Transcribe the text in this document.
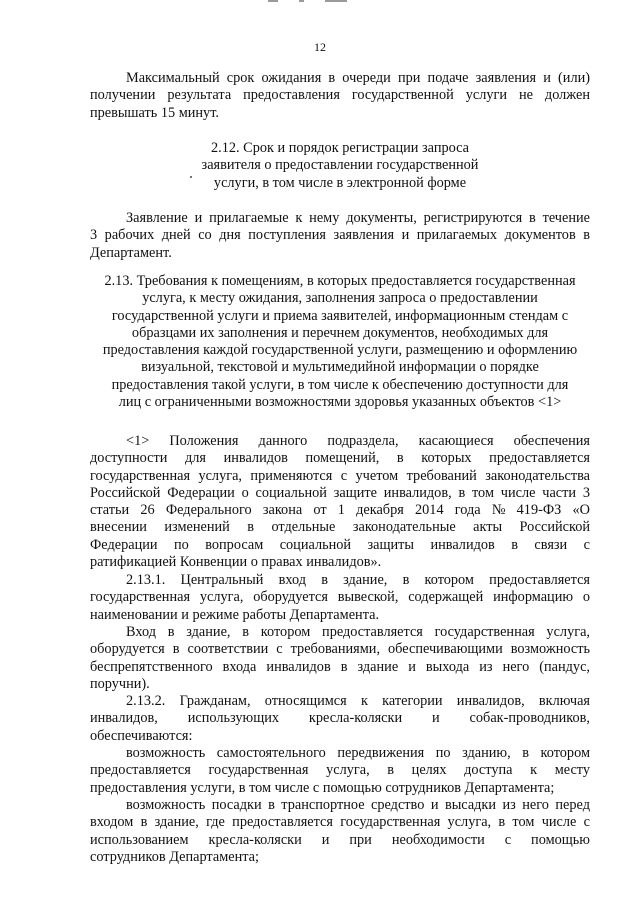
12
Максимальный срок ожидания в очереди при подаче заявления и (или)
получении результата предоставления государственной услуги не должен
превышать 15 минут.
2.12. Срок и порядок регистрации запроса
заявителя о предоставлении государственной
услуги, в том числе в электронной форме
Заявление и прилагаемые к нему документы, регистрируются в течение
3 рабочих дней со дня поступления заявления и прилагаемых документов в
Департамент.
2.13. Требования к помещениям, в которых предоставляется государственная
услуга, к месту ожидания, заполнения запроса о предоставлении
государственной услуги и приема заявителей, информационным стендам с
образцами их заполнения и перечнем документов, необходимых для
предоставления каждой государственной услуги, размещению и оформлению
визуальной, текстовой и мультимедийной информации о порядке
предоставления такой услуги, в том числе к обеспечению доступности для
лиц с ограниченными возможностями здоровья указанных объектов <1>
<1> Положения данного подраздела, касающиеся обеспечения
доступности для инвалидов помещений, в которых предоставляется
государственная услуга, применяются с учетом требований законодательства
Российской Федерации о социальной защите инвалидов, в том числе части 3
статьи 26 Федерального закона от 1 декабря 2014 года № 419-ФЗ «О
внесении изменений в отдельные законодательные акты Российской
Федерации по вопросам социальной защиты инвалидов в связи с
ратификацией Конвенции о правах инвалидов».
2.13.1. Центральный вход в здание, в котором предоставляется
государственная услуга, оборудуется вывеской, содержащей информацию о
наименовании и режиме работы Департамента.
Вход в здание, в котором предоставляется государственная услуга,
оборудуется в соответствии с требованиями, обеспечивающими возможность
беспрепятственного входа инвалидов в здание и выхода из него (пандус,
поручни).
2.13.2. Гражданам, относящимся к категории инвалидов, включая
инвалидов, использующих кресла-коляски и собак-проводников,
обеспечиваются:
возможность самостоятельного передвижения по зданию, в котором
предоставляется государственная услуга, в целях доступа к месту
предоставления услуги, в том числе с помощью сотрудников Департамента;
возможность посадки в транспортное средство и высадки из него перед
входом в здание, где предоставляется государственная услуга, в том числе с
использованием кресла-коляски и при необходимости с помощью
сотрудников Департамента;
